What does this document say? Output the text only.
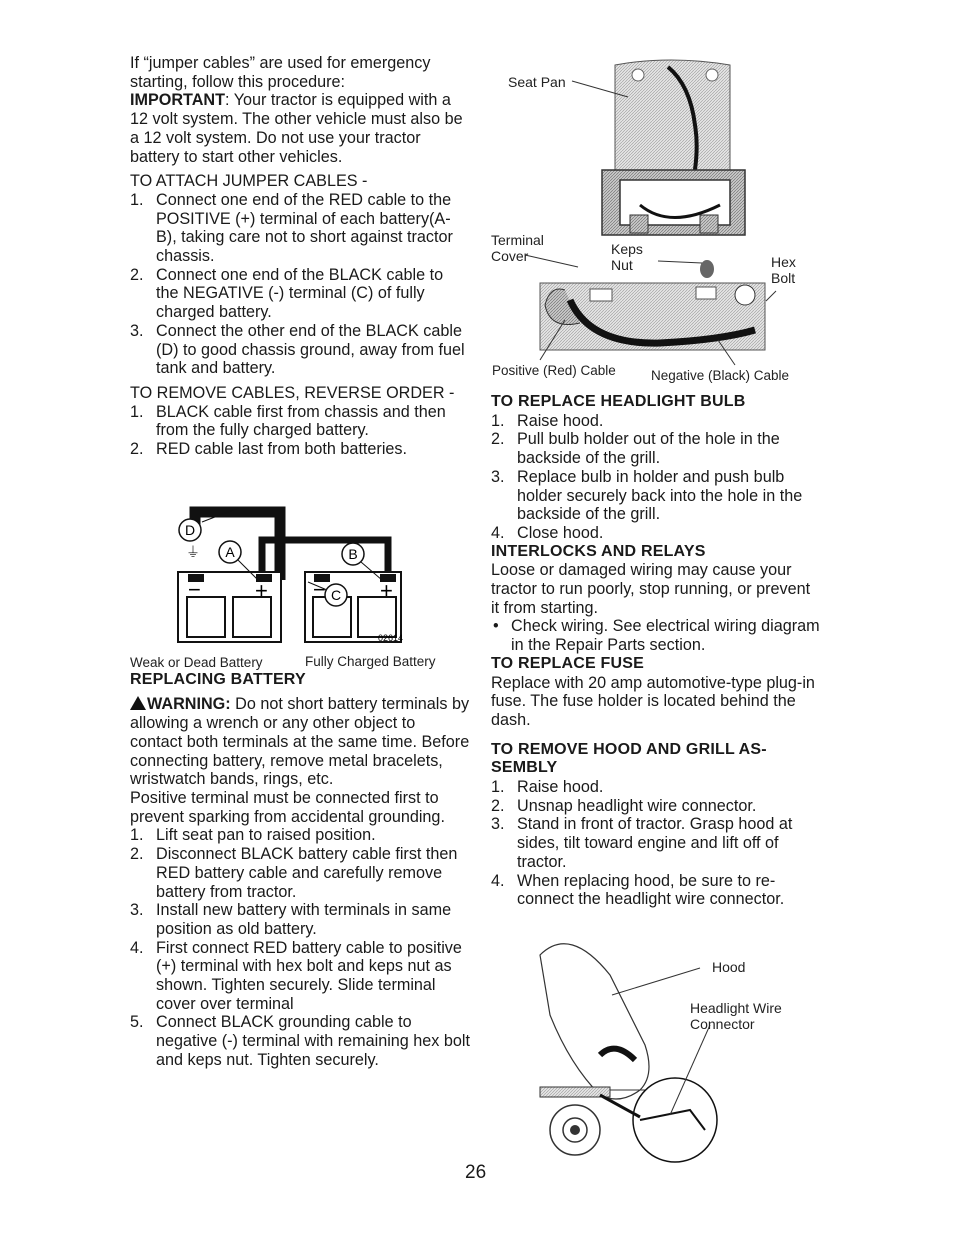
If “jumper cables” are used for emergency starting, follow this procedure:

IMPORTANT: Your tractor is equipped with a 12 volt system. The other vehicle must also be a 12 volt system. Do not use your tractor battery to start other vehicles.

TO ATTACH JUMPER CABLES -

1. Connect one end of the RED cable to the POSITIVE (+) terminal of each battery(A-B), taking care not to short against tractor chassis.
2. Connect one end of the BLACK cable to the NEGATIVE (-) terminal (C) of fully charged battery.
3. Connect the other end of the BLACK cable (D) to good chassis ground, away from fuel tank and battery.

TO REMOVE CABLES, REVERSE ORDER -

1. BLACK cable first from chassis and then from the fully charged battery.
2. RED cable last from both batteries.

REPLACING BATTERY

WARNING: Do not short battery terminals by allowing a wrench or any other object to contact both terminals at the same time. Before connecting battery, remove metal bracelets, wristwatch bands, rings, etc.

Positive terminal must be connected first to prevent sparking from accidental grounding.

1. Lift seat pan to raised position.
2. Disconnect BLACK battery cable first then RED battery cable and carefully remove battery from tractor.
3. Install new battery with terminals in same position as old battery.
4. First connect RED battery cable to positive (+) terminal with hex bolt and keps nut as shown. Tighten securely. Slide terminal cover over terminal
5. Connect BLACK grounding cable to negative (-) terminal with remaining hex bolt and keps nut. Tighten securely.
D
⏚ A	B
C
− + − +
02614
Weak or Dead Battery	Fully Charged Battery
Seat Pan
Terminal
Cover	Keps
Nut	Hex
Bolt
Positive (Red) Cable	Negative (Black) Cable

TO REPLACE HEADLIGHT BULB

1. Raise hood.
2. Pull bulb holder out of the hole in the backside of the grill.
3. Replace bulb in holder and push bulb holder securely back into the hole in the backside of the grill.
4. Close hood.

INTERLOCKS AND RELAYS

Loose or damaged wiring may cause your tractor to run poorly, stop running, or prevent it from starting.

• Check wiring. See electrical wiring diagram in the Repair Parts section.

TO REPLACE FUSE

Replace with 20 amp automotive-type plug-in fuse. The fuse holder is located behind the dash.

TO REMOVE HOOD AND GRILL AS-SEMBLY

1. Raise hood.
2. Unsnap headlight wire connector.
3. Stand in front of tractor. Grasp hood at sides, tilt toward engine and lift off of tractor.
4. When replacing hood, be sure to re-connect the headlight wire connector.
Hood
Headlight Wire
Connector
26
